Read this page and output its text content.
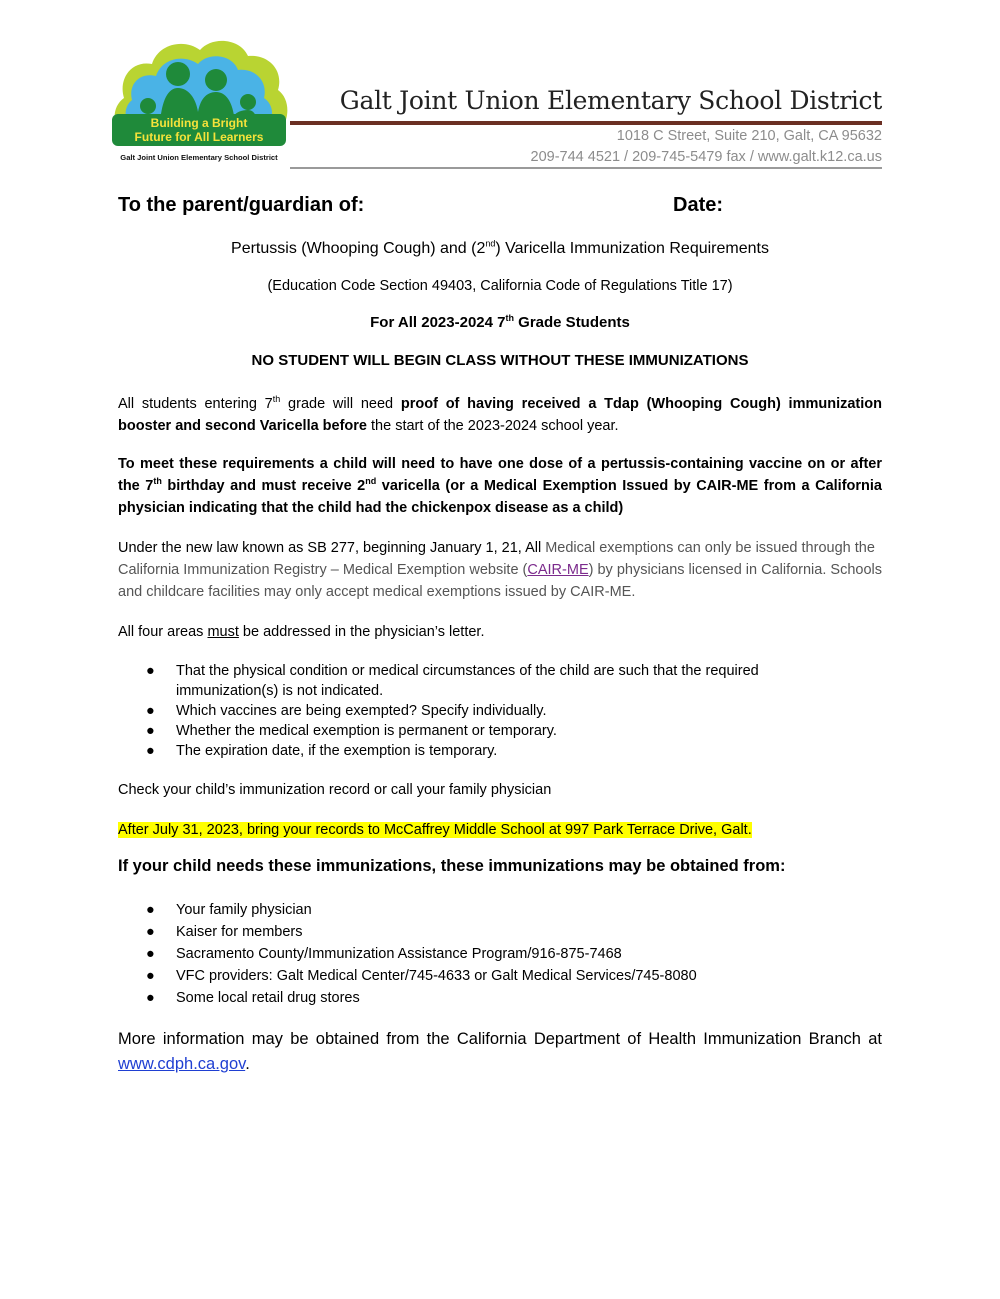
Building a Bright
Future for All Learners
Galt Joint Union Elementary School District
Galt Joint Union Elementary School District
1018 C Street, Suite 210, Galt, CA 95632
209-744 4521 / 209-745-5479 fax / www.galt.k12.ca.us
To the parent/guardian of:	Date:
Pertussis (Whooping Cough) and (2nd) Varicella Immunization Requirements
(Education Code Section 49403, California Code of Regulations Title 17)
For All 2023-2024 7th Grade Students
NO STUDENT WILL BEGIN CLASS WITHOUT THESE IMMUNIZATIONS
All students entering 7th grade will need proof of having received a Tdap (Whooping Cough) immunization booster and second Varicella before the start of the 2023-2024 school year.
To meet these requirements a child will need to have one dose of a pertussis-containing vaccine on or after the 7th birthday and must receive 2nd varicella (or a Medical Exemption Issued by CAIR-ME from a California physician indicating that the child had the chickenpox disease as a child)
Under the new law known as SB 277, beginning January 1, 21, All Medical exemptions can only be issued through the California Immunization Registry – Medical Exemption website (CAIR-ME) by physicians licensed in California. Schools and childcare facilities may only accept medical exemptions issued by CAIR-ME.
All four areas must be addressed in the physician’s letter.
● That the physical condition or medical circumstances of the child are such that the required immunization(s) is not indicated.
● Which vaccines are being exempted? Specify individually.
● Whether the medical exemption is permanent or temporary.
● The expiration date, if the exemption is temporary.
Check your child’s immunization record or call your family physician
After July 31, 2023, bring your records to McCaffrey Middle School at 997 Park Terrace Drive, Galt.
If your child needs these immunizations, these immunizations may be obtained from:
● Your family physician
● Kaiser for members
● Sacramento County/Immunization Assistance Program/916-875-7468
● VFC providers: Galt Medical Center/745-4633 or Galt Medical Services/745-8080
● Some local retail drug stores
More information may be obtained from the California Department of Health Immunization Branch at www.cdph.ca.gov.
